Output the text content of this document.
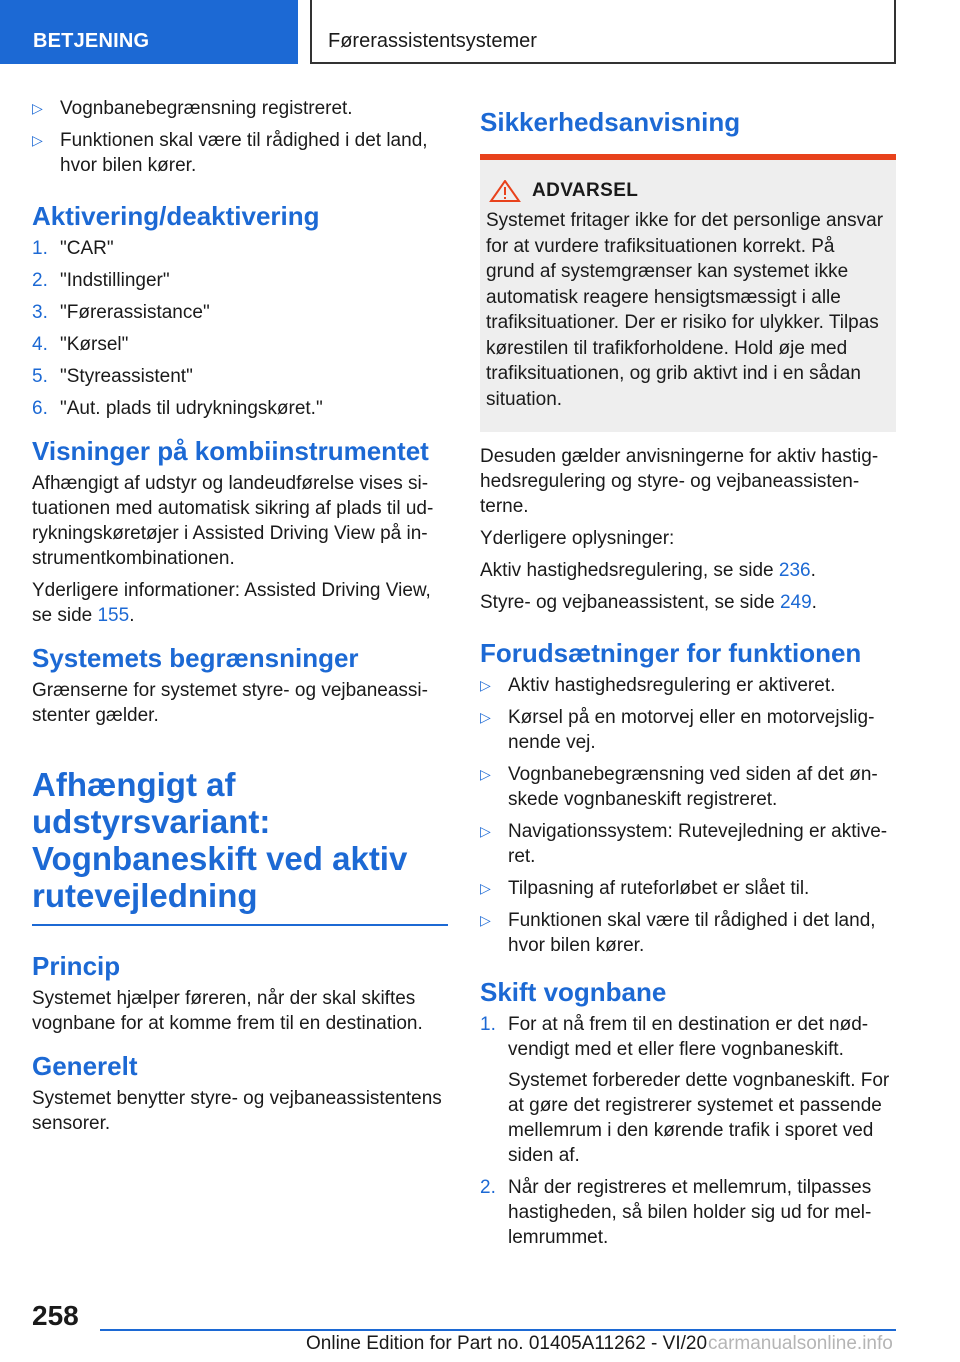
BETJENING	Førerassistentsystemer
▷ Vognbanebegrænsning registreret.
▷ Funktionen skal være til rådighed i det land, hvor bilen kører.
Aktivering/deaktivering
1. "CAR"
2. "Indstillinger"
3. "Førerassistance"
4. "Kørsel"
5. "Styreassistent"
6. "Aut. plads til udrykningskøret."
Visninger på kombiinstrumentet

Afhængigt af udstyr og landeudførelse vises situationen med automatisk sikring af plads til udrykningskøretøjer i Assisted Driving View på instrumentkombinationen.

Yderligere informationer: Assisted Driving View, se side 155.

Systemets begrænsninger

Grænserne for systemet styre- og vejbaneassistenter gælder.

Afhængigt af udstyrsvariant: Vognbaneskift ved aktiv rutevejledning
Princip

Systemet hjælper føreren, når der skal skiftes vognbane for at komme frem til en destination.

Generelt

Systemet benytter styre- og vejbaneassistentens sensorer.

Sikkerhedsanvisning
ADVARSEL
Systemet fritager ikke for det personlige ansvar for at vurdere trafiksituationen korrekt. På grund af systemgrænser kan systemet ikke automatisk reagere hensigtsmæssigt i alle trafiksituationer. Der er risiko for ulykker. Tilpas kørestilen til trafikforholdene. Hold øje med trafiksituationen, og grib aktivt ind i en sådan situation.

Desuden gælder anvisningerne for aktiv hastighedsregulering og styre- og vejbaneassistenterne.

Yderligere oplysninger:

Aktiv hastighedsregulering, se side 236.

Styre- og vejbaneassistent, se side 249.

Forudsætninger for funktionen
▷ Aktiv hastighedsregulering er aktiveret.
▷ Kørsel på en motorvej eller en motorvejslignende vej.
▷ Vognbanebegrænsning ved siden af det ønskede vognbaneskift registreret.
▷ Navigationssystem: Rutevejledning er aktiveret.
▷ Tilpasning af ruteforløbet er slået til.
▷ Funktionen skal være til rådighed i det land, hvor bilen kører.
Skift vognbane
1. For at nå frem til en destination er det nødvendigt med et eller flere vognbaneskift.
Systemet forbereder dette vognbaneskift. For at gøre det registrerer systemet et passende mellemrum i den kørende trafik i sporet ved siden af.
2. Når der registreres et mellemrum, tilpasses hastigheden, så bilen holder sig ud for mellemrummet.
258
Online Edition for Part no. 01405A11262 - VI/20 carmanualsonline.info
